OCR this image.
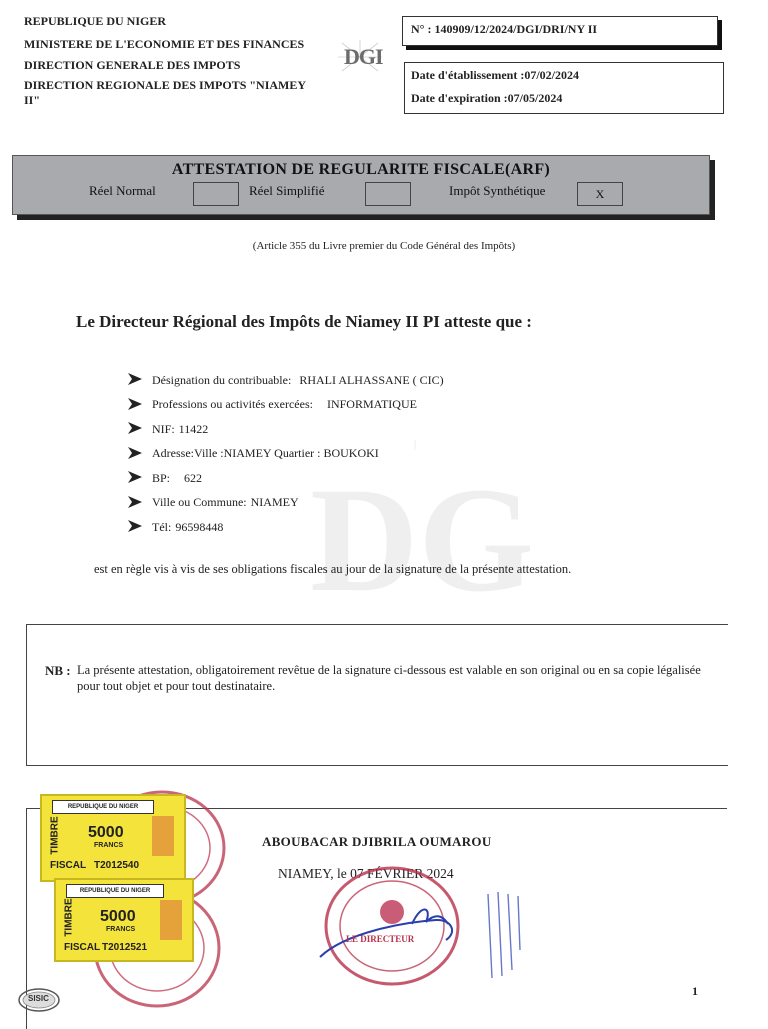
REPUBLIQUE DU NIGER
MINISTERE DE L'ECONOMIE ET DES FINANCES
DIRECTION GENERALE DES IMPOTS
DIRECTION REGIONALE DES IMPOTS "NIAMEY
II"
DGI
N° : 140909/12/2024/DGI/DRI/NY II
Date d'établissement :07/02/2024
Date d'expiration :07/05/2024
ATTESTATION DE REGULARITE FISCALE(ARF)
Réel Normal	Réel Simplifié	Impôt Synthétique	X
(Article 355 du Livre premier du Code Général des Impôts)
Le Directeur Régional des Impôts de Niamey II PI atteste que :
DG
Désignation du contribuable: RHALI ALHASSANE ( CIC)
Professions ou activités exercées: INFORMATIQUE
NIF: 11422
Adresse: Ville :NIAMEY Quartier : BOUKOKI
BP: 622
Ville ou Commune: NIAMEY
Tél: 96598448
est en règle vis à vis de ses obligations fiscales au jour de la signature de la présente attestation.
NB : La présente attestation, obligatoirement revêtue de la signature ci-dessous est valable en son original ou en sa copie légalisée pour tout objet et pour tout destinataire.
ABOUBACAR DJIBRILA OUMAROU
NIAMEY, le 07 FÉVRIER 2024
REPUBLIQUE DU NIGER
TIMBRE 5000
FRANCS
FISCAL T2012540
REPUBLIQUE DU NIGER
TIMBRE 5000
FRANCS
FISCAL T2012521
LE DIRECTEUR
SISIC
1
